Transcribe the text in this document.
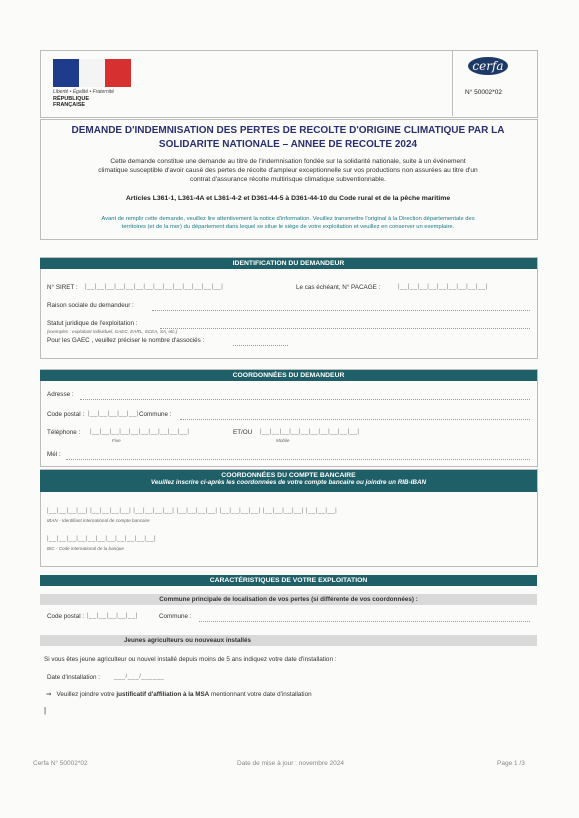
Liberté • Égalité • Fraternité
RÉPUBLIQUE
FRANÇAISE
cerfa
N° 50002*02
DEMANDE D'INDEMNISATION DES PERTES DE RECOLTE D'ORIGINE CLIMATIQUE PAR LA
SOLIDARITE NATIONALE – ANNEE DE RECOLTE 2024
Cette demande constitue une demande au titre de l'indemnisation fondée sur la solidarité nationale, suite à un événement
climatique susceptible d'avoir causé des pertes de récolte d'ampleur exceptionnelle sur vos productions non assurées au titre d'un
contrat d'assurance récolte multirisque climatique subventionnable.
Articles L361-1, L361-4A et L361-4-2 et D361-44-5 à D361-44-10 du Code rural et de la pêche maritime
Avant de remplir cette demande, veuillez lire attentivement la notice d'information. Veuillez transmettre l'original à la Direction départementale des
territoires (et de la mer) du département dans lequel se situe le siège de votre exploitation et veuillez en conserver un exemplaire.
IDENTIFICATION DU DEMANDEUR
N° SIRET : |__|__|__|__|__|__|__|__|__|__|__|__|__|__|	Le cas échéant, N° PACAGE :	|__|__|__|__|__|__|__|__|__|
Raison sociale du demandeur :
Statut juridique de l'exploitation :
(exemples : exploitant individuel, GAEC, EARL, SCEA, SA, etc.)
Pour les GAEC , veuillez préciser le nombre d'associés :
COORDONNÉES DU DEMANDEUR
Adresse :
Code postal : |__|__|__|__|__| Commune :
Téléphone : |__|__|__|__|__|__|__|__|__|__|
Fixe
ET/OU |__|__|__|__|__|__|__|__|__|__|
Mobile
Mél :
COORDONNÉES DU COMPTE BANCAIRE
Veuillez inscrire ci-après les coordonnées de votre compte bancaire ou joindre un RIB-IBAN
|__|__|__|__| |__|__|__|__| |__|__|__|__| |__|__|__|__| |__|__|__|__| |__|__|__|__| |__|__|__|
IBAN - Identifiant international de compte bancaire
|__|__|__|__|__|__|__|__|__|__|__|
BIC - Code international de la banque
CARACTÉRISTIQUES DE VOTRE EXPLOITATION
Commune principale de localisation de vos pertes (si différente de vos coordonnées) :
Code postal : |__|__|__|__|__|	Commune :
Jeunes agriculteurs ou nouveaux installés
Si vous êtes jeune agriculteur ou nouvel installé depuis moins de 5 ans indiquez votre date d'installation :
Date d'installation : ___/___/______
⇒ Veuillez joindre votre justificatif d'affiliation à la MSA mentionnant votre date d'installation
|
Cerfa N° 50002*02	Date de mise à jour : novembre 2024	Page 1 /3
